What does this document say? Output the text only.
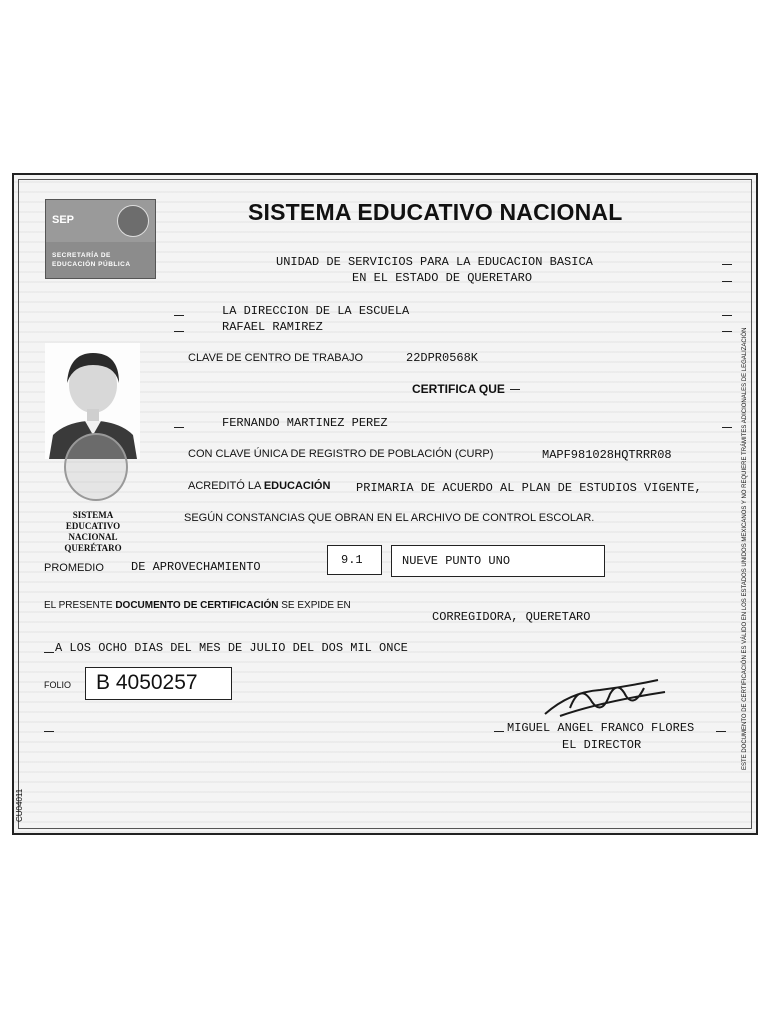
SEP
SECRETARÍA DE
EDUCACIÓN PÚBLICA
SISTEMA EDUCATIVO NACIONAL
UNIDAD DE SERVICIOS PARA LA EDUCACION BASICA
EN EL ESTADO DE QUERETARO
LA DIRECCION DE LA ESCUELA
RAFAEL RAMIREZ
CLAVE DE CENTRO DE TRABAJO	22DPR0568K
CERTIFICA QUE
FERNANDO MARTINEZ PEREZ
CON CLAVE ÚNICA DE REGISTRO DE POBLACIÓN (CURP)	MAPF981028HQTRRR08
ACREDITÓ LA EDUCACIÓN PRIMARIA DE ACUERDO AL PLAN DE ESTUDIOS VIGENTE,
SISTEMA
EDUCATIVO NACIONAL
QUERÉTARO
SEGÚN CONSTANCIAS QUE OBRAN EN EL ARCHIVO DE CONTROL ESCOLAR.
PROMEDIO DE APROVECHAMIENTO	9.1	NUEVE PUNTO UNO
EL PRESENTE DOCUMENTO DE CERTIFICACIÓN SE EXPIDE EN
CORREGIDORA, QUERETARO
A LOS OCHO DIAS DEL MES DE JULIO DEL DOS MIL ONCE
FOLIO B 4050257
MIGUEL ANGEL FRANCO FLORES
EL DIRECTOR	ESTE DOCUMENTO DE CERTIFICACIÓN ES VÁLIDO EN LOS ESTADOS UNIDOS MEXICANOS Y NO REQUIERE TRÁMITES ADICIONALES DE LEGALIZACIÓN
CU04011
